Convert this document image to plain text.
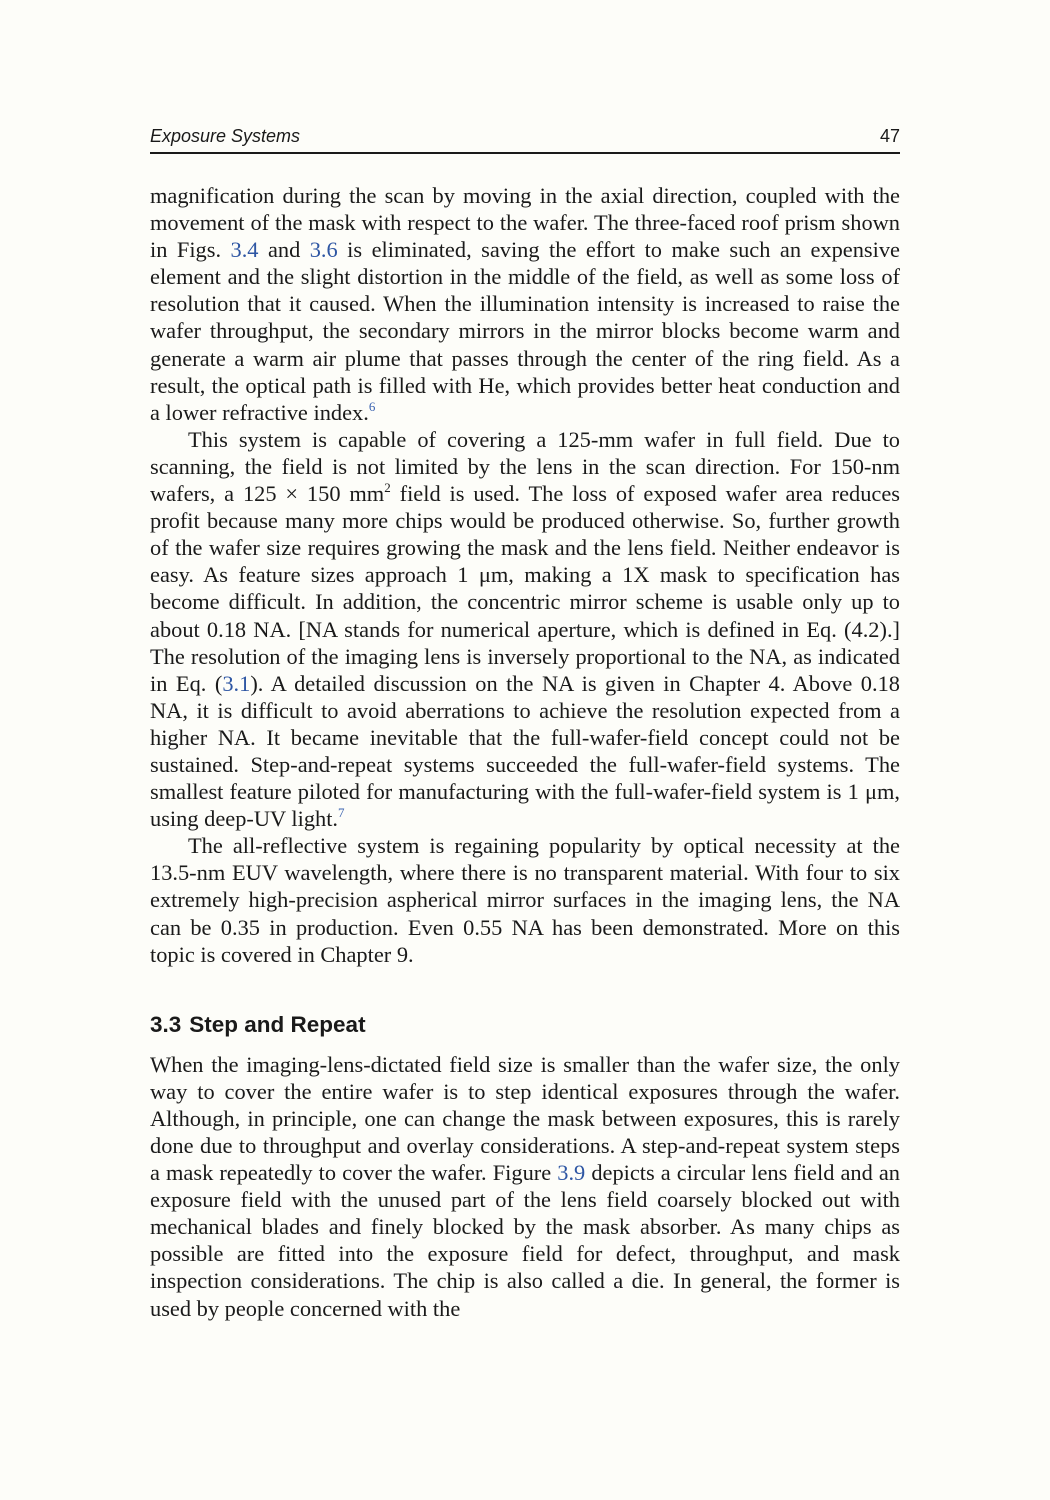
Exposure Systems	47

magnification during the scan by moving in the axial direction, coupled with the movement of the mask with respect to the wafer. The three-faced roof prism shown in Figs. 3.4 and 3.6 is eliminated, saving the effort to make such an expensive element and the slight distortion in the middle of the field, as well as some loss of resolution that it caused. When the illumination intensity is increased to raise the wafer throughput, the secondary mirrors in the mirror blocks become warm and generate a warm air plume that passes through the center of the ring field. As a result, the optical path is filled with He, which provides better heat conduction and a lower refractive index.$^6$

This system is capable of covering a 125-mm wafer in full field. Due to scanning, the field is not limited by the lens in the scan direction. For 150-nm wafers, a 125 × 150 $mm^2$ field is used. The loss of exposed wafer area reduces profit because many more chips would be produced otherwise. So, further growth of the wafer size requires growing the mask and the lens field. Neither endeavor is easy. As feature sizes approach 1 μm, making a 1X mask to specification has become difficult. In addition, the concentric mirror scheme is usable only up to about 0.18 NA. [NA stands for numerical aperture, which is defined in Eq. (4.2).] The resolution of the imaging lens is inversely proportional to the NA, as indicated in Eq. (3.1). A detailed discussion on the NA is given in Chapter 4. Above 0.18 NA, it is difficult to avoid aberrations to achieve the resolution expected from a higher NA. It became inevitable that the full-wafer-field concept could not be sustained. Step-and-repeat systems succeeded the full-wafer-field systems. The smallest feature piloted for manufacturing with the full-wafer-field system is 1 μm, using deep-UV light.$^7$

The all-reflective system is regaining popularity by optical necessity at the 13.5-nm EUV wavelength, where there is no transparent material. With four to six extremely high-precision aspherical mirror surfaces in the imaging lens, the NA can be 0.35 in production. Even 0.55 NA has been demonstrated. More on this topic is covered in Chapter 9.

3.3 Step and Repeat

When the imaging-lens-dictated field size is smaller than the wafer size, the only way to cover the entire wafer is to step identical exposures through the wafer. Although, in principle, one can change the mask between exposures, this is rarely done due to throughput and overlay considerations. A step-and-repeat system steps a mask repeatedly to cover the wafer. Figure 3.9 depicts a circular lens field and an exposure field with the unused part of the lens field coarsely blocked out with mechanical blades and finely blocked by the mask absorber. As many chips as possible are fitted into the exposure field for defect, throughput, and mask inspection considerations. The chip is also called a die. In general, the former is used by people concerned with the
